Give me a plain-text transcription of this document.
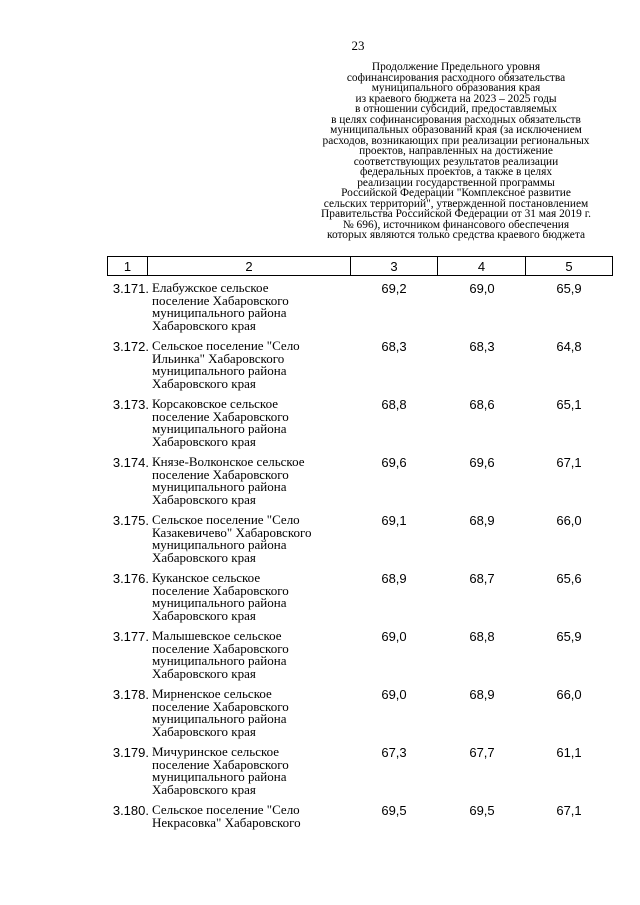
23
Продолжение Предельного уровня
софинансирования расходного обязательства
муниципального образования края
из краевого бюджета на 2023 – 2025 годы
в отношении субсидий, предоставляемых
в целях софинансирования расходных обязательств
муниципальных образований края (за исключением
расходов, возникающих при реализации региональных
проектов, направленных на достижение
соответствующих результатов реализации
федеральных проектов, а также в целях
реализации государственной программы
Российской Федерации "Комплексное развитие
сельских территорий", утвержденной постановлением
Правительства Российской Федерации от 31 мая 2019 г.
№ 696), источником финансового обеспечения
которых являются только средства краевого бюджета
1	2	3	4	5
3.171. Елабужское сельское
поселение Хабаровского
муниципального района
Хабаровского края
69,2	69,0	65,9
3.172. Сельское поселение "Село
Ильинка" Хабаровского
муниципального района
Хабаровского края
68,3	68,3	64,8
3.173. Корсаковское сельское
поселение Хабаровского
муниципального района
Хабаровского края
68,8	68,6	65,1
3.174. Князе-Волконское сельское
поселение Хабаровского
муниципального района
Хабаровского края
69,6	69,6	67,1
3.175. Сельское поселение "Село
Казакевичево" Хабаровского
муниципального района
Хабаровского края
69,1	68,9	66,0
3.176. Куканское сельское
поселение Хабаровского
муниципального района
Хабаровского края
68,9	68,7	65,6
3.177. Малышевское сельское
поселение Хабаровского
муниципального района
Хабаровского края
69,0	68,8	65,9
3.178. Мирненское сельское
поселение Хабаровского
муниципального района
Хабаровского края
69,0	68,9	66,0
3.179. Мичуринское сельское
поселение Хабаровского
муниципального района
Хабаровского края
67,3	67,7	61,1
3.180. Сельское поселение "Село
Некрасовка" Хабаровского
69,5	69,5	67,1
